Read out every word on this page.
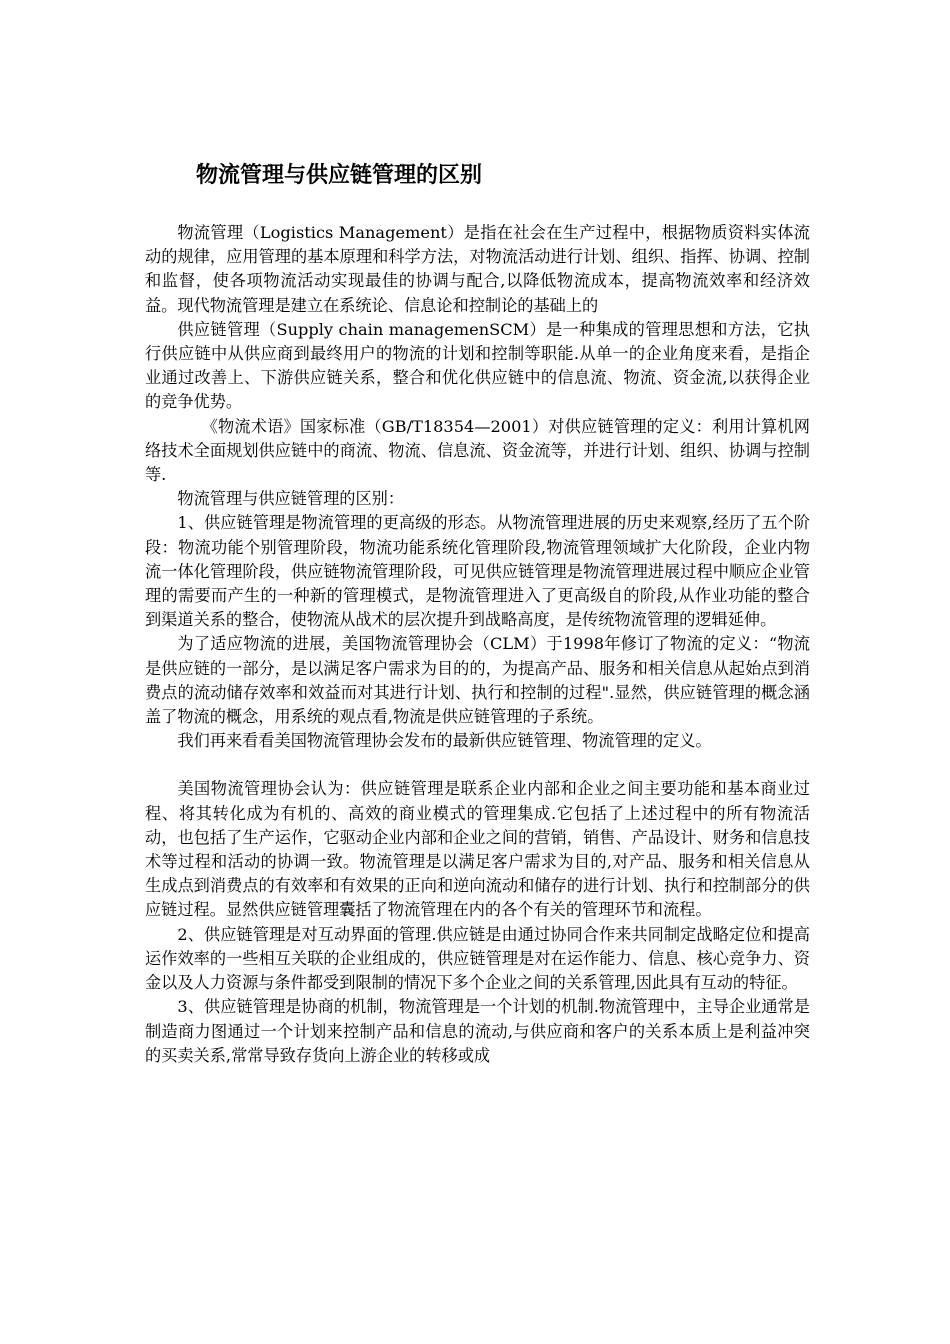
物流管理与供应链管理的区别

物流管理（Logistics Management）是指在社会在生产过程中，根据物质资料实体流动的规律，应用管理的基本原理和科学方法，对物流活动进行计划、组织、指挥、协调、控制和监督，使各项物流活动实现最佳的协调与配合,以降低物流成本，提高物流效率和经济效益。现代物流管理是建立在系统论、信息论和控制论的基础上的

供应链管理（Supply chain managemenSCM）是一种集成的管理思想和方法，它执行供应链中从供应商到最终用户的物流的计划和控制等职能.从单一的企业角度来看，是指企业通过改善上、下游供应链关系，整合和优化供应链中的信息流、物流、资金流,以获得企业的竞争优势。

《物流术语》国家标准（GB/T18354—2001）对供应链管理的定义：利用计算机网络技术全面规划供应链中的商流、物流、信息流、资金流等，并进行计划、组织、协调与控制等.

物流管理与供应链管理的区别：

1、供应链管理是物流管理的更高级的形态。从物流管理进展的历史来观察,经历了五个阶段：物流功能个别管理阶段，物流功能系统化管理阶段,物流管理领域扩大化阶段，企业内物流一体化管理阶段，供应链物流管理阶段，可见供应链管理是物流管理进展过程中顺应企业管理的需要而产生的一种新的管理模式，是物流管理进入了更高级自的阶段,从作业功能的整合到渠道关系的整合，使物流从战术的层次提升到战略高度，是传统物流管理的逻辑延伸。

为了适应物流的进展，美国物流管理协会（CLM）于1998年修订了物流的定义：“物流是供应链的一部分，是以满足客户需求为目的的，为提高产品、服务和相关信息从起始点到消费点的流动储存效率和效益而对其进行计划、执行和控制的过程".显然，供应链管理的概念涵盖了物流的概念，用系统的观点看,物流是供应链管理的子系统。

我们再来看看美国物流管理协会发布的最新供应链管理、物流管理的定义。

美国物流管理协会认为：供应链管理是联系企业内部和企业之间主要功能和基本商业过程、将其转化成为有机的、高效的商业模式的管理集成.它包括了上述过程中的所有物流活动，也包括了生产运作，它驱动企业内部和企业之间的营销，销售、产品设计、财务和信息技术等过程和活动的协调一致。物流管理是以满足客户需求为目的,对产品、服务和相关信息从生成点到消费点的有效率和有效果的正向和逆向流动和储存的进行计划、执行和控制部分的供应链过程。显然供应链管理囊括了物流管理在内的各个有关的管理环节和流程。

2、供应链管理是对互动界面的管理.供应链是由通过协同合作来共同制定战略定位和提高运作效率的一些相互关联的企业组成的，供应链管理是对在运作能力、信息、核心竞争力、资金以及人力资源与条件都受到限制的情况下多个企业之间的关系管理,因此具有互动的特征。

3、供应链管理是协商的机制，物流管理是一个计划的机制.物流管理中，主导企业通常是制造商力图通过一个计划来控制产品和信息的流动,与供应商和客户的关系本质上是利益冲突的买卖关系,常常导致存货向上游企业的转移或成
